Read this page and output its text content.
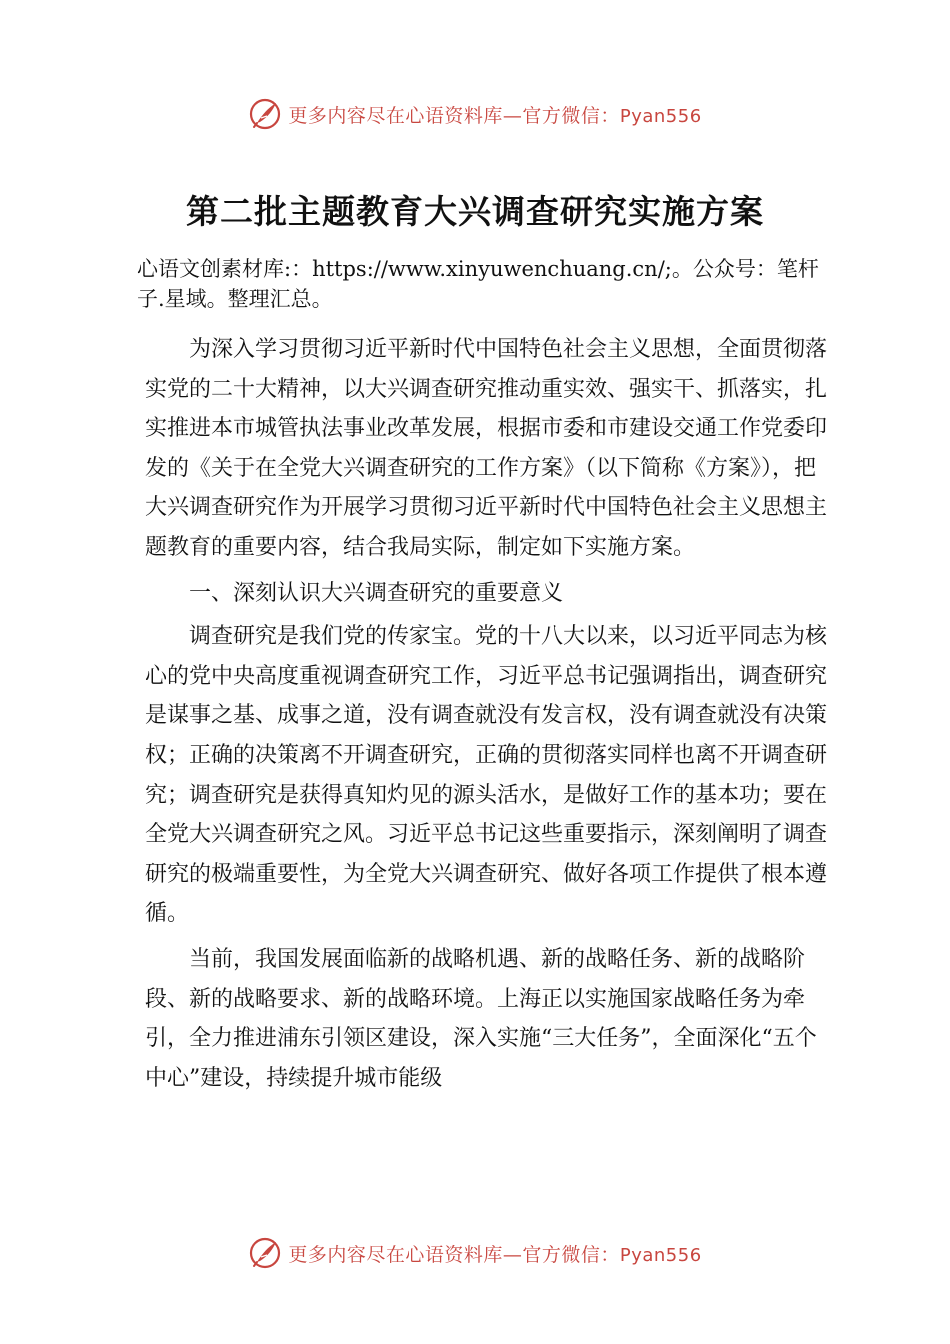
更多内容尽在心语资料库—官方微信：Pyan556
第二批主题教育大兴调查研究实施方案

心语文创素材库:：https://www.xinyuwenchuang.cn/;。公众号：笔杆子.星域。整理汇总。

为深入学习贯彻习近平新时代中国特色社会主义思想，全面贯彻落实党的二十大精神，以大兴调查研究推动重实效、强实干、抓落实，扎实推进本市城管执法事业改革发展，根据市委和市建设交通工作党委印发的《关于在全党大兴调查研究的工作方案》（以下简称《方案》），把大兴调查研究作为开展学习贯彻习近平新时代中国特色社会主义思想主题教育的重要内容，结合我局实际，制定如下实施方案。

一、深刻认识大兴调查研究的重要意义

调查研究是我们党的传家宝。党的十八大以来，以习近平同志为核心的党中央高度重视调查研究工作，习近平总书记强调指出，调查研究是谋事之基、成事之道，没有调查就没有发言权，没有调查就没有决策权；正确的决策离不开调查研究，正确的贯彻落实同样也离不开调查研究；调查研究是获得真知灼见的源头活水，是做好工作的基本功；要在全党大兴调查研究之风。习近平总书记这些重要指示，深刻阐明了调查研究的极端重要性，为全党大兴调查研究、做好各项工作提供了根本遵循。

当前，我国发展面临新的战略机遇、新的战略任务、新的战略阶段、新的战略要求、新的战略环境。上海正以实施国家战略任务为牵引，全力推进浦东引领区建设，深入实施“三大任务”，全面深化“五个中心”建设，持续提升城市能级

更多内容尽在心语资料库—官方微信：Pyan556
